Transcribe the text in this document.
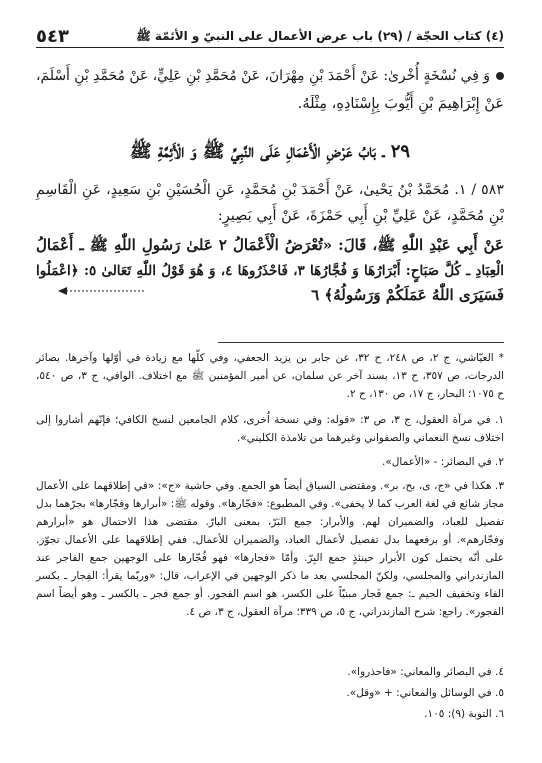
٥٤٣	(٤) كتاب الحجّة / (٢٩) باب عرض الأعمال على النبيّ و الأئمّة ﷺ
وَ فِي نُسْخَةٍ أُخْرىٰ: عَنْ أَحْمَدَ بْنِ مِهْرَانَ، عَنْ مُحَمَّدِ بْنِ عَلِيٍّ، عَنْ مُحَمَّدِ بْنِ أَسْلَمَ،
عَنْ إِبْرَاهِيمَ بْنِ أَيُّوبَ بِإِسْنَادِهِ، مِثْلَهُ.
٢٩ ـ بَابُ عَرْضِ الْأَعْمَالِ عَلَى النَّبِيِّ ﷺ وَ الْأَئِمَّةِ ﷺ
٥٨٣ / ١. مُحَمَّدُ بْنُ يَحْيىٰ، عَنْ أَحْمَدَ بْنِ مُحَمَّدٍ، عَنِ الْحُسَيْنِ بْنِ سَعِيدٍ، عَنِ الْقَاسِمِ
بْنِ مُحَمَّدٍ، عَنْ عَلِيِّ بْنِ أَبِي حَمْزَةَ، عَنْ أَبِي بَصِيرٍ:
عَنْ أَبِي عَبْدِ اللّٰهِ ﷺ، قَالَ: «تُعْرَضُ الْأَعْمَالُ ٢ عَلىٰ رَسُولِ اللّٰهِ ﷺ ـ أَعْمَالُ
الْعِبَادِ ـ كُلَّ صَبَاحٍ: أَبْرَارُهَا وَ فُجَّارُهَا ٣، فَاحْذَرُوهَا ٤، وَ هُوَ قَوْلُ اللّٰهِ تَعَالىٰ ٥: ﴿اعْمَلُوا
فَسَيَرَى اللّٰهُ عَمَلَكُمْ وَرَسُولُهُ﴾ ٦
* العيّاشي، ج ٢، ص ٢٤٨، ح ٣٢، عن جابر بن يزيد الجعفي، وفي كلّها مع زيادة في أوّلها وآخرها. بصائر
الدرجات، ص ٣٥٧، ح ١٣، بسند آخر عن سلمان، عن أمير المؤمنين ﷺ مع اختلاف. الوافي، ج ٣، ص ٥٤٠،
ح ١٠٧٥؛ البحار، ج ١٧، ص ١٣٠، ح ٢.
١. في مرآة العقول، ج ٣، ص ٣: «قوله: وفي نسخة اُخرى، كلام الجامعين لنسخ الكافي؛ فإنّهم أشاروا إلى
اختلاف نسخ النعماني والصفواني وغيرهما من تلامذة الكليني».
٢. في البصائر: - «الأعمال».
٣. هكذا في «ج، ى، بح، بر». ومقتضى السياق أيضاً هو الجمع. وفي حاشية «ج»: «في إطلاقهما على الأعمال
مجاز شائع في لغة العرب كما لا يخفى». وفي المطبوع: «فجّارها». وقوله ﷺ: «أبرارها وفجّارها» بجرّهما بدل
تفصيل للعباد، والضميران لهم. والأبرار: جمع البَرّ، بمعنى البارّ. مقتضى هذا الاحتمال هو «أبرارهم
وفجّارهم». أو برفعهما بدل تفصيل لأعمال العباد، والضميران للأعمال. ففي إطلاقهما على الأعمال تجوّز.
على أنّه يحتمل كون الأبرار حينئذٍ جمع البِرّ. وأمّا «فجارها» فهو فُجّارها على الوجهين جمع الفاجر عند
المازندراني والمجلسي، ولكنّ المجلسي بعد ما ذكر الوجهين في الإعراب، قال: «وربّما يقرأ: الفِجار ـ بكسر
الفاء وتخفيف الجيم ـ: جمع فَجار مبنيّاً على الكسر، هو اسم الفجور. أو جمع فجر ـ بالكسر ـ وهو أيضاً اسم
الفجور». راجع: شرح المازندراني، ج ٥، ص ٣٣٩؛ مرآة العقول، ج ٣، ص ٤.
٤. في البصائر والمعاني: «فاحذروا».
٥. في الوسائل والمعاني: + «وقل».
٦. التوبة (٩): ١٠٥.
